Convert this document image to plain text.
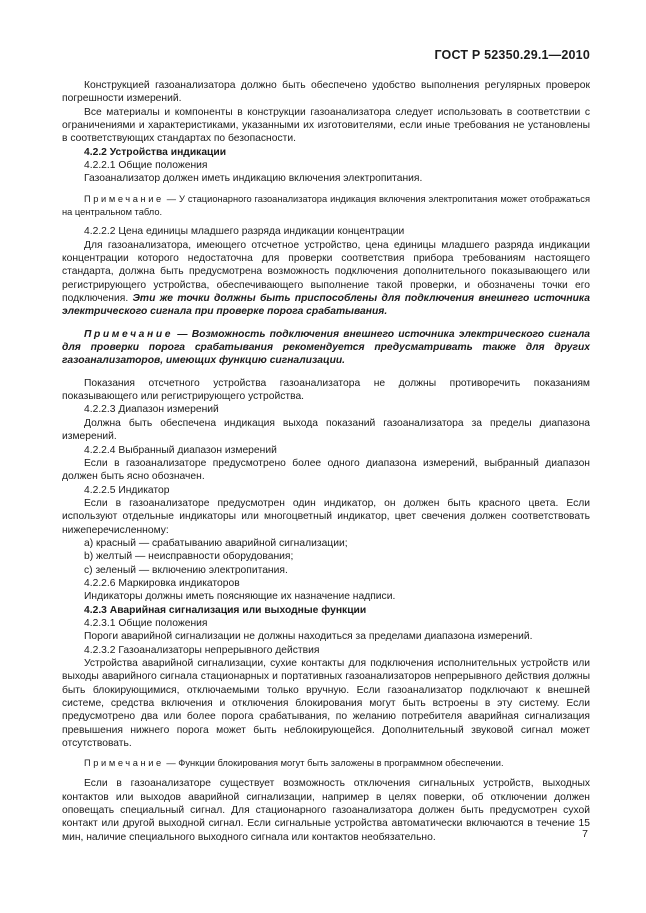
ГОСТ Р 52350.29.1—2010

Конструкцией газоанализатора должно быть обеспечено удобство выполнения регулярных проверок погрешности измерений.

Все материалы и компоненты в конструкции газоанализатора следует использовать в соответствии с ограничениями и характеристиками, указанными их изготовителями, если иные требования не установлены в соответствующих стандартах по безопасности.

4.2.2 Устройства индикации

4.2.2.1 Общие положения

Газоанализатор должен иметь индикацию включения электропитания.

Примечание — У стационарного газоанализатора индикация включения электропитания может отображаться на центральном табло.

4.2.2.2 Цена единицы младшего разряда индикации концентрации

Для газоанализатора, имеющего отсчетное устройство, цена единицы младшего разряда индикации концентрации которого недостаточна для проверки соответствия прибора требованиям настоящего стандарта, должна быть предусмотрена возможность подключения дополнительного показывающего или регистрирующего устройства, обеспечивающего выполнение такой проверки, и обозначены точки его подключения. Эти же точки должны быть приспособлены для подключения внешнего источника электрического сигнала при проверке порога срабатывания.

Примечание — Возможность подключения внешнего источника электрического сигнала для проверки порога срабатывания рекомендуется предусматривать также для других газоанализаторов, имеющих функцию сигнализации.

Показания отсчетного устройства газоанализатора не должны противоречить показаниям показывающего или регистрирующего устройства.

4.2.2.3 Диапазон измерений

Должна быть обеспечена индикация выхода показаний газоанализатора за пределы диапазона измерений.

4.2.2.4 Выбранный диапазон измерений

Если в газоанализаторе предусмотрено более одного диапазона измерений, выбранный диапазон должен быть ясно обозначен.

4.2.2.5 Индикатор

Если в газоанализаторе предусмотрен один индикатор, он должен быть красного цвета. Если используют отдельные индикаторы или многоцветный индикатор, цвет свечения должен соответствовать нижеперечисленному:

а) красный — срабатыванию аварийной сигнализации;

b) желтый — неисправности оборудования;

с) зеленый — включению электропитания.

4.2.2.6 Маркировка индикаторов

Индикаторы должны иметь поясняющие их назначение надписи.

4.2.3 Аварийная сигнализация или выходные функции

4.2.3.1 Общие положения

Пороги аварийной сигнализации не должны находиться за пределами диапазона измерений.

4.2.3.2 Газоанализаторы непрерывного действия

Устройства аварийной сигнализации, сухие контакты для подключения исполнительных устройств или выходы аварийного сигнала стационарных и портативных газоанализаторов непрерывного действия должны быть блокирующимися, отключаемыми только вручную. Если газоанализатор подключают к внешней системе, средства включения и отключения блокирования могут быть встроены в эту систему. Если предусмотрено два или более порога срабатывания, по желанию потребителя аварийная сигнализация превышения нижнего порога может быть неблокирующейся. Дополнительный звуковой сигнал может отсутствовать.

Примечание — Функции блокирования могут быть заложены в программном обеспечении.

Если в газоанализаторе существует возможность отключения сигнальных устройств, выходных контактов или выходов аварийной сигнализации, например в целях поверки, об отключении должен оповещать специальный сигнал. Для стационарного газоанализатора должен быть предусмотрен сухой контакт или другой выходной сигнал. Если сигнальные устройства автоматически включаются в течение 15 мин, наличие специального выходного сигнала или контактов необязательно.	7
